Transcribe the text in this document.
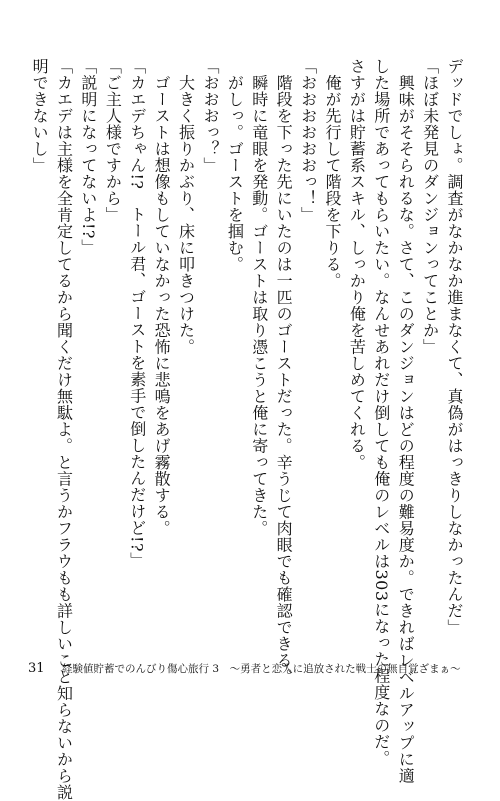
デッドでしょ。調査がなかなか進まなくて、真偽がはっきりしなかったんだ」

「ほぼ未発見のダンジョンってことか」

　興味がそそられるな。さて、このダンジョンはどの程度の難易度か。できればレベルアップに適

した場所であってもらいたい。なんせあれだけ倒しても俺のレベルは303になった程度なのだ。

さすがは貯蓄系スキル、しっかり俺を苦しめてくれる。

　俺が先行して階段を下りる。

「おおおおおおっ！」

　階段を下った先にいたのは一匹のゴーストだった。辛うじて肉眼でも確認できる。

　瞬時に竜眼を発動。ゴーストは取り憑こうと俺に寄ってきた。

　がしっ。ゴーストを掴む。

「おおおっ？」

　大きく振りかぶり、床に叩きつけた。

　ゴーストは想像もしていなかった恐怖に悲鳴をあげ霧散する。

「カエデちゃん!?　トール君、ゴーストを素手で倒したんだけど!?」

「ご主人様ですから」

「説明になってないよ!?」

「カエデは主様を全肯定してるから聞くだけ無駄よ。と言うかフラウもも詳しいこと知らないから説

明できないし」

31 経験値貯蓄でのんびり傷心旅行 3　〜勇者と恋人に追放された戦士の無自覚ざまぁ〜
